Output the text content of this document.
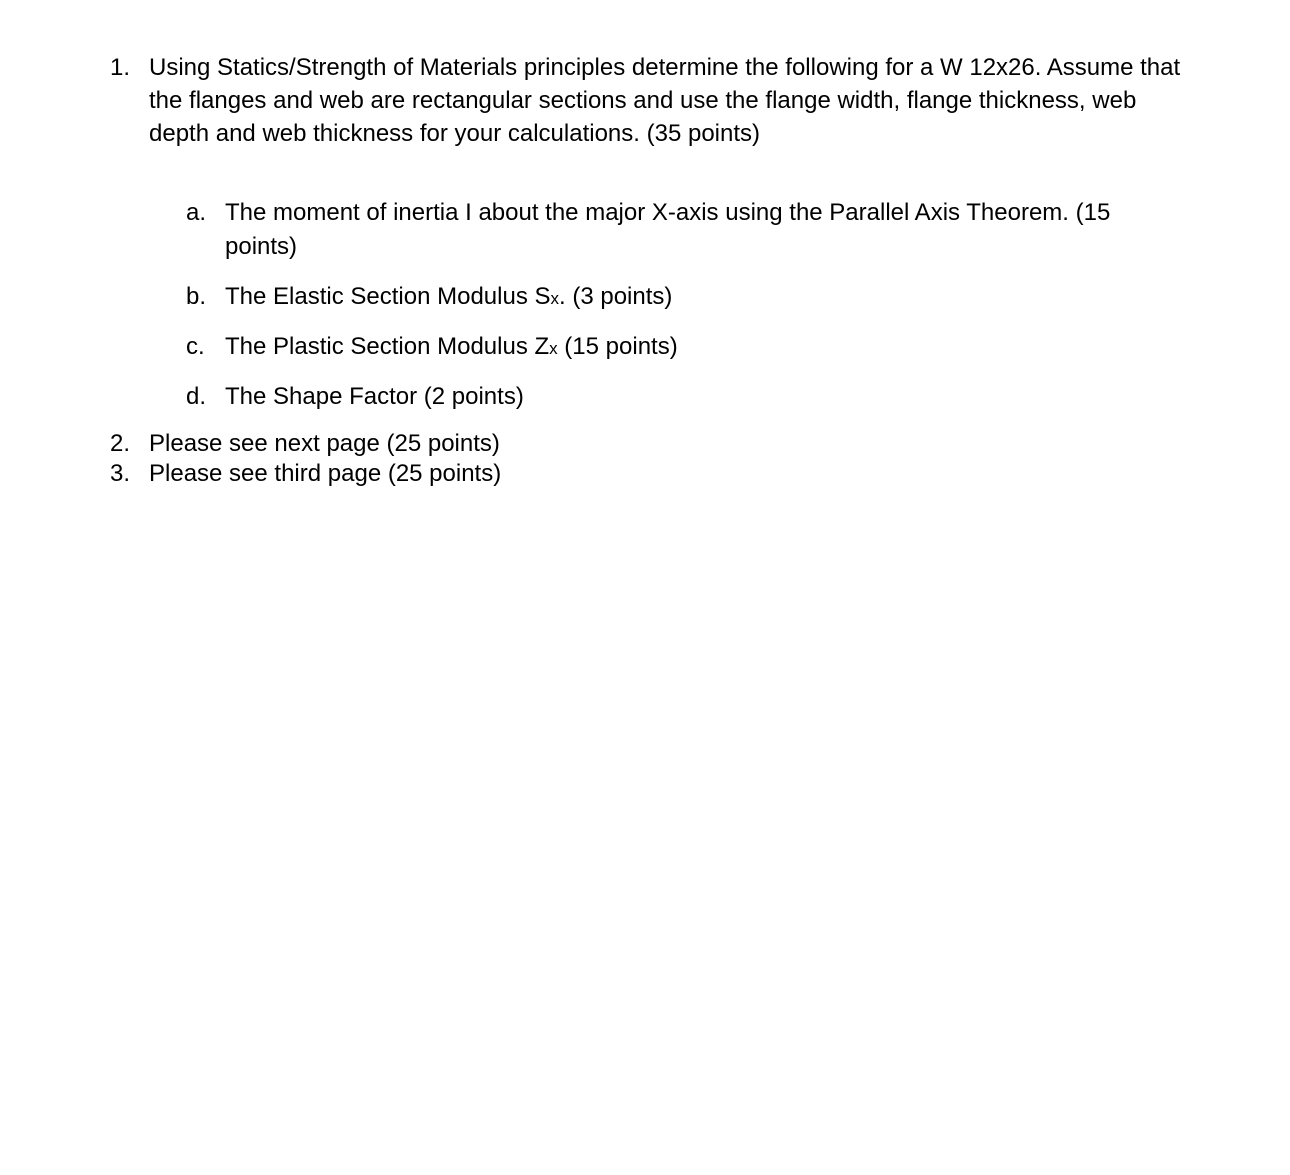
1. Using Statics/Strength of Materials principles determine the following for a W 12x26. Assume that the flanges and web are rectangular sections and use the flange width, flange thickness, web depth and web thickness for your calculations. (35 points)
a. The moment of inertia I about the major X-axis using the Parallel Axis Theorem. (15 points)
b. The Elastic Section Modulus Sx. (3 points)
c. The Plastic Section Modulus Zx (15 points)
d. The Shape Factor (2 points)
2. Please see next page (25 points)
3. Please see third page (25 points)
